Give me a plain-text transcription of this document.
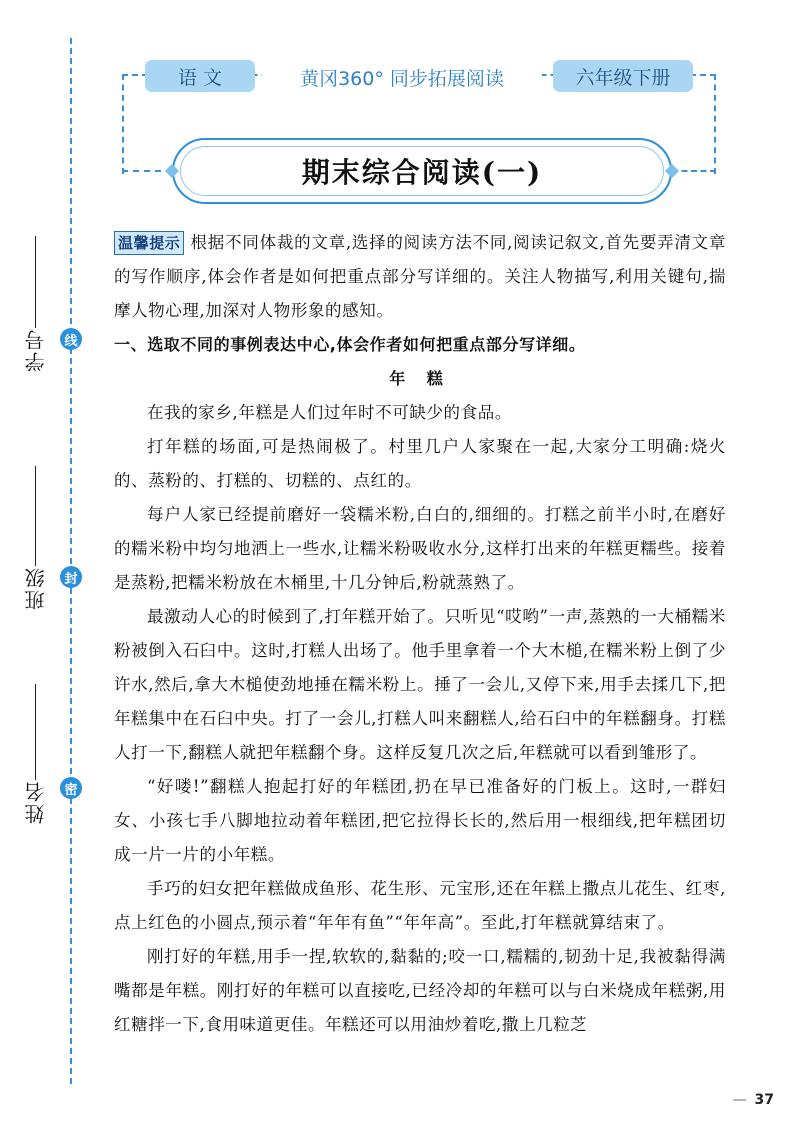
线
封
密
学号
班级
姓名
语 文	黄冈360° 同步拓展阅读	六年级下册
期末综合阅读(一)

温馨提示 根据不同体裁的文章,选择的阅读方法不同,阅读记叙文,首先要弄清文章的写作顺序,体会作者是如何把重点部分写详细的。关注人物描写,利用关键句,揣摩人物心理,加深对人物形象的感知。

一、选取不同的事例表达中心,体会作者如何把重点部分写详细。

年 糕

在我的家乡,年糕是人们过年时不可缺少的食品。

打年糕的场面,可是热闹极了。村里几户人家聚在一起,大家分工明确:烧火的、蒸粉的、打糕的、切糕的、点红的。

每户人家已经提前磨好一袋糯米粉,白白的,细细的。打糕之前半小时,在磨好的糯米粉中均匀地洒上一些水,让糯米粉吸收水分,这样打出来的年糕更糯些。接着是蒸粉,把糯米粉放在木桶里,十几分钟后,粉就蒸熟了。

最激动人心的时候到了,打年糕开始了。只听见“哎哟”一声,蒸熟的一大桶糯米粉被倒入石臼中。这时,打糕人出场了。他手里拿着一个大木槌,在糯米粉上倒了少许水,然后,拿大木槌使劲地捶在糯米粉上。捶了一会儿,又停下来,用手去揉几下,把年糕集中在石臼中央。打了一会儿,打糕人叫来翻糕人,给石臼中的年糕翻身。打糕人打一下,翻糕人就把年糕翻个身。这样反复几次之后,年糕就可以看到雏形了。

“好喽!”翻糕人抱起打好的年糕团,扔在早已准备好的门板上。这时,一群妇女、小孩七手八脚地拉动着年糕团,把它拉得长长的,然后用一根细线,把年糕团切成一片一片的小年糕。

手巧的妇女把年糕做成鱼形、花生形、元宝形,还在年糕上撒点儿花生、红枣,点上红色的小圆点,预示着“年年有鱼”“年年高”。至此,打年糕就算结束了。

刚打好的年糕,用手一捏,软软的,黏黏的;咬一口,糯糯的,韧劲十足,我被黏得满嘴都是年糕。刚打好的年糕可以直接吃,已经冷却的年糕可以与白米烧成年糕粥,用红糖拌一下,食用味道更佳。年糕还可以用油炒着吃,撒上几粒芝

— 37
